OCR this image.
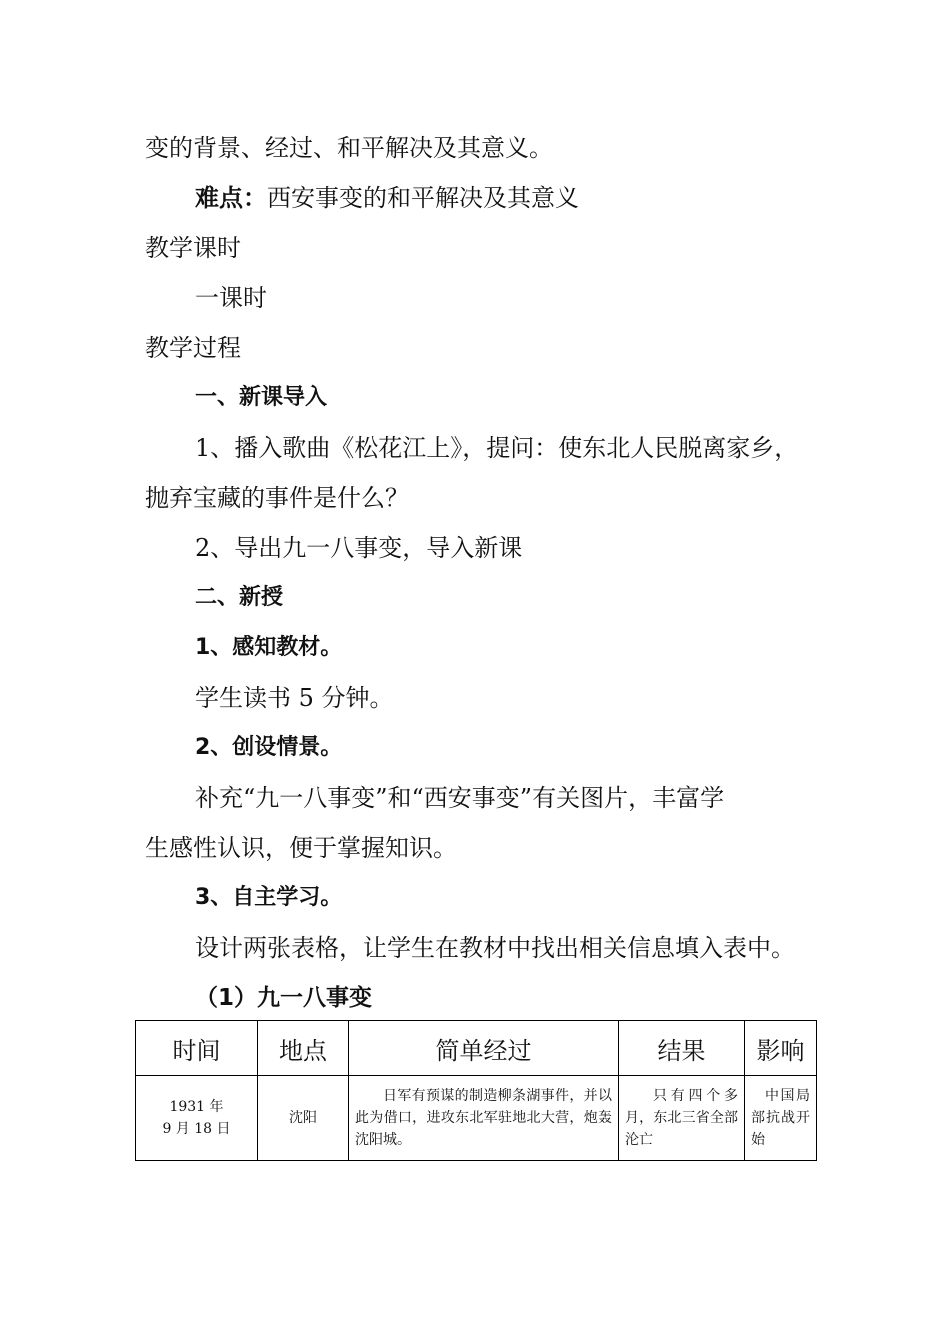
变的背景、经过、和平解决及其意义。
难点：西安事变的和平解决及其意义
教学课时
一课时
教学过程
一、新课导入
1、播入歌曲《松花江上》，提问：使东北人民脱离家乡，
抛弃宝藏的事件是什么？
2、导出九一八事变，导入新课
二、新授
1、感知教材。
学生读书 5 分钟。
2、创设情景。
补充“九一八事变”和“西安事变”有关图片，丰富学
生感性认识，便于掌握知识。
3、自主学习。
设计两张表格，让学生在教材中找出相关信息填入表中。
（1）九一八事变
时间	地点	简单经过	结果	影响
1931 年
9 月 18 日	沈阳	日军有预谋的制造柳条湖事件，并以此为借口，进攻东北军驻地北大营，炮轰沈阳城。	只有四个多月，东北三省全部沦亡	中国局部抗战开始
